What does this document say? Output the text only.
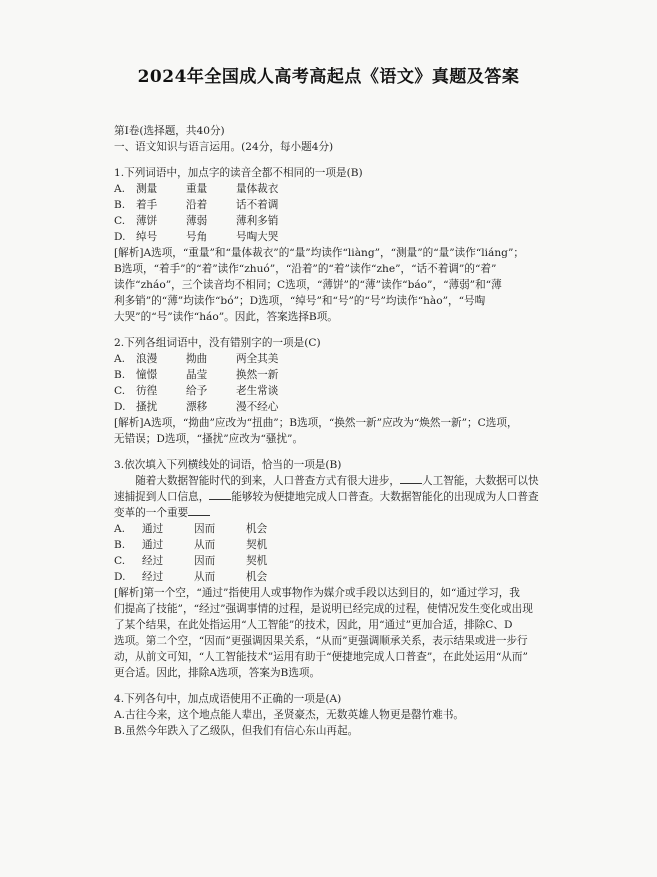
2024年全国成人高考高起点《语文》真题及答案
第Ⅰ卷(选择题，共40分)
一、语文知识与语言运用。(24分，每小题4分)
1.下列词语中，加点字的读音全都不相同的一项是(B)
A. 测量	重量	量体裁衣
B. 着手	沿着	话不着调
C. 薄饼	薄弱	薄利多销
D. 绰号	号角	号啕大哭
[解析]A选项，“重量”和“量体裁衣”的“量”均读作“liàng”，“测量”的“量”读作“liáng”；
B选项，“着手”的“着”读作“zhuó”，“沿着”的“着”读作“zhe”，“话不着调”的“着”
读作“zháo”，三个读音均不相同；C选项，“薄饼”的“薄”读作“báo”，“薄弱”和“薄
利多销”的“薄”均读作“bó”；D选项，“绰号”和“号”的“号”均读作“hào”，“号啕
大哭”的“号”读作“háo”。因此，答案选择B项。
2.下列各组词语中，没有错别字的一项是(C)
A. 浪漫	拗曲	两全其美
B. 憧憬	晶莹	换然一新
C. 彷徨	给予	老生常谈
D. 搔扰	漂移	漫不经心
[解析]A选项，“拗曲”应改为“扭曲”；B选项，“换然一新”应改为“焕然一新”；C选项，
无错误；D选项，“搔扰”应改为“骚扰”。
3.依次填入下列横线处的词语，恰当的一项是(B)
随着大数据智能时代的到来，人口普查方式有很大进步， 人工智能，大数据可以快
速捕捉到人口信息， 能够较为便捷地完成人口普查。大数据智能化的出现成为人口普查
变革的一个重要
A. 通过	因而	机会
B. 通过	从而	契机
C. 经过	因而	契机
D. 经过	从而	机会
[解析]第一个空，“通过”指使用人或事物作为媒介或手段以达到目的，如“通过学习，我
们提高了技能”，“经过”强调事情的过程，是说明已经完成的过程，使情况发生变化或出现
了某个结果，在此处指运用“人工智能”的技术，因此，用“通过”更加合适，排除C、D
选项。第二个空，“因而”更强调因果关系，“从而”更强调顺承关系，表示结果或进一步行
动，从前文可知，“人工智能技术”运用有助于“便捷地完成人口普查”，在此处运用“从而”
更合适。因此，排除A选项，答案为B选项。
4.下列各句中，加点成语使用不正确的一项是(A)
A.古往今来，这个地点能人辈出，圣贤豪杰，无数英雄人物更是罄竹难书。
B.虽然今年跌入了乙级队，但我们有信心东山再起。
